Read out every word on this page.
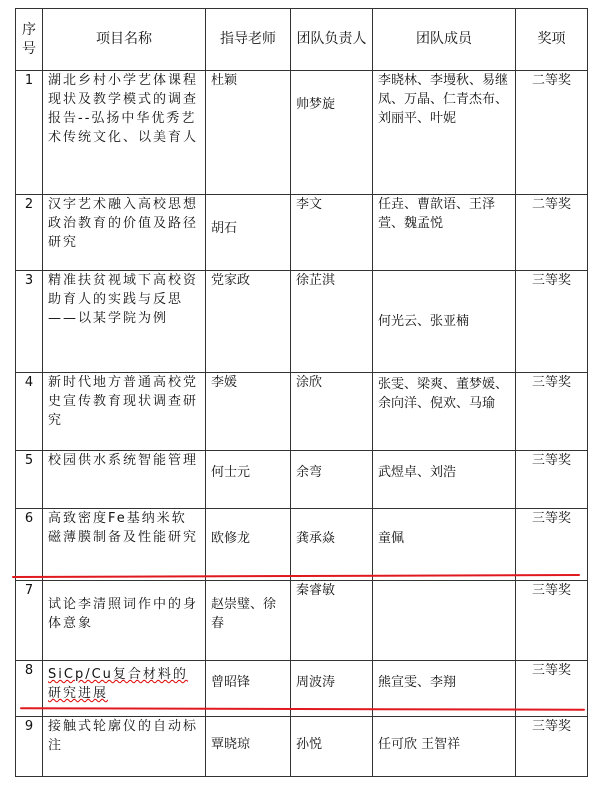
序号	项目名称	指导老师	团队负责人	团队成员	奖项
1	湖北乡村小学艺体课程现状及教学模式的调查报告--弘扬中华优秀艺术传统文化、以美育人	杜颖	帅梦旋	李晓林、李墁秋、易继凤、万晶、仁青杰布、刘丽平、叶妮	二等奖
2	汉字艺术融入高校思想政治教育的价值及路径研究	胡石	李文	任垚、曹歆语、王泽萱、魏孟悦	二等奖
3	精准扶贫视域下高校资助育人的实践与反思——以某学院为例	党家政	徐芷淇	何光云、张亚楠	三等奖
4	新时代地方普通高校党史宣传教育现状调查研究	李媛	涂欣	张雯、梁爽、董梦媛、余向洋、倪欢、马瑜	三等奖
5	校园供水系统智能管理	何士元	余弯	武煜卓、刘浩	三等奖
6	高致密度Fe基纳米软磁薄膜制备及性能研究	欧修龙	龚承焱	童佩	三等奖
7	试论李清照词作中的身体意象	赵崇璧、徐春	秦睿敏		三等奖
8	SiCp/Cu复合材料的研究进展	曾昭锋	周波涛	熊宣雯、李翔	三等奖
9	接触式轮廓仪的自动标注	覃晓琼	孙悦	任可欣 王智祥	三等奖
